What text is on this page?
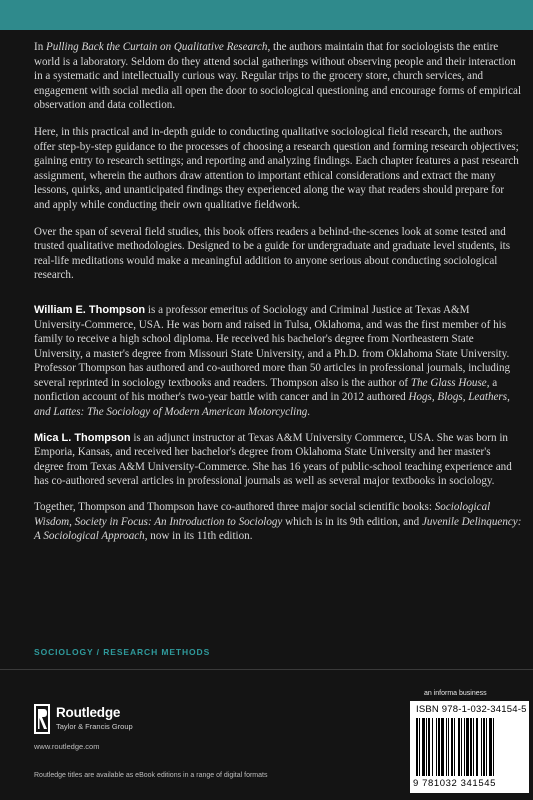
In Pulling Back the Curtain on Qualitative Research, the authors maintain that for sociologists the entire world is a laboratory. Seldom do they attend social gatherings without observing people and their interaction in a systematic and intellectually curious way. Regular trips to the grocery store, church services, and engagement with social media all open the door to sociological questioning and encourage forms of empirical observation and data collection.

Here, in this practical and in-depth guide to conducting qualitative sociological field research, the authors offer step-by-step guidance to the processes of choosing a research question and forming research objectives; gaining entry to research settings; and reporting and analyzing findings. Each chapter features a past research assignment, wherein the authors draw attention to important ethical considerations and extract the many lessons, quirks, and unanticipated findings they experienced along the way that readers should prepare for and apply while conducting their own qualitative fieldwork.

Over the span of several field studies, this book offers readers a behind-the-scenes look at some tested and trusted qualitative methodologies. Designed to be a guide for undergraduate and graduate level students, its real-life meditations would make a meaningful addition to anyone serious about conducting sociological research.

William E. Thompson is a professor emeritus of Sociology and Criminal Justice at Texas A&M University-Commerce, USA. He was born and raised in Tulsa, Oklahoma, and was the first member of his family to receive a high school diploma. He received his bachelor's degree from Northeastern State University, a master's degree from Missouri State University, and a Ph.D. from Oklahoma State University. Professor Thompson has authored and co-authored more than 50 articles in professional journals, including several reprinted in sociology textbooks and readers. Thompson also is the author of The Glass House, a nonfiction account of his mother's two-year battle with cancer and in 2012 authored Hogs, Blogs, Leathers, and Lattes: The Sociology of Modern American Motorcycling.

Mica L. Thompson is an adjunct instructor at Texas A&M University Commerce, USA. She was born in Emporia, Kansas, and received her bachelor's degree from Oklahoma State University and her master's degree from Texas A&M University-Commerce. She has 16 years of public-school teaching experience and has co-authored several articles in professional journals as well as several major textbooks in sociology.

Together, Thompson and Thompson have co-authored three major social scientific books: Sociological Wisdom, Society in Focus: An Introduction to Sociology which is in its 9th edition, and Juvenile Delinquency: A Sociological Approach, now in its 11th edition.

SOCIOLOGY / RESEARCH METHODS
Routledge
Taylor & Francis Group
www.routledge.com
Routledge titles are available as eBook editions in a range of digital formats
an informa business
ISBN 978-1-032-34154-5
9 781032 341545
